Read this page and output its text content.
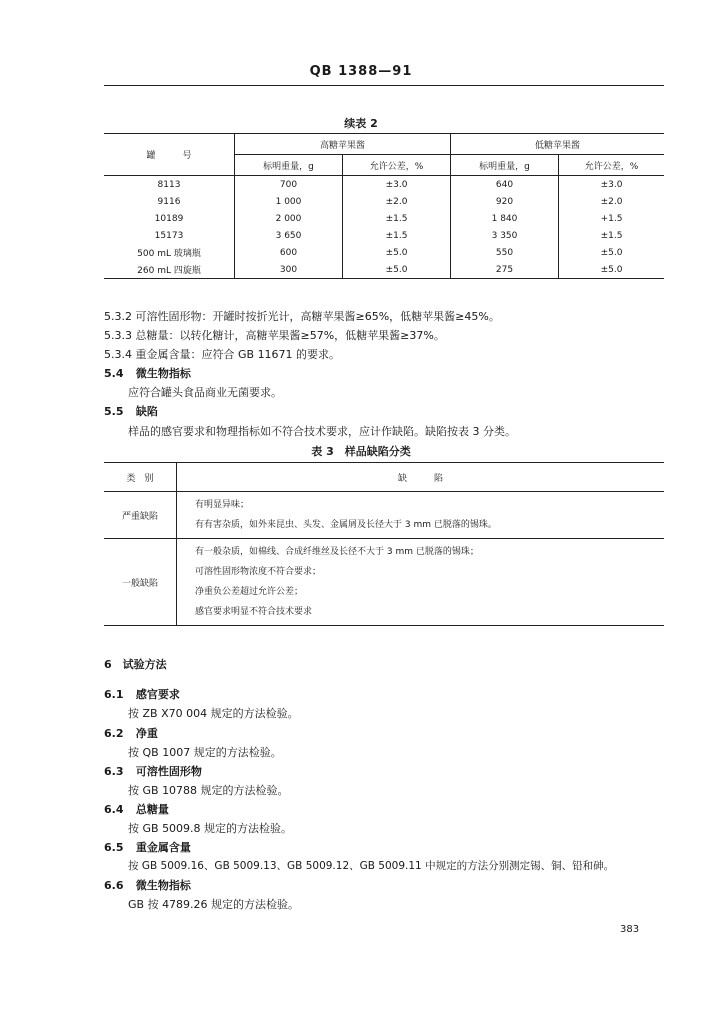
QB 1388—91
续表 2
罐　　　号	高糖苹果酱		低糖苹果酱	
	标明重量，g	允许公差，%	标明重量，g	允许公差，%
8113	700	±3.0	640	±3.0
9116	1 000	±2.0	920	±2.0
10189	2 000	±1.5	1 840	+1.5
15173	3 650	±1.5	3 350	±1.5
500 mL 玻璃瓶	600	±5.0	550	±5.0
260 mL 四旋瓶	300	±5.0	275	±5.0
5.3.2 可溶性固形物：开罐时按折光计，高糖苹果酱≥65%，低糖苹果酱≥45%。
5.3.3 总糖量：以转化糖计，高糖苹果酱≥57%，低糖苹果酱≥37%。
5.3.4 重金属含量：应符合 GB 11671 的要求。
5.4 微生物指标
应符合罐头食品商业无菌要求。
5.5 缺陷
样品的感官要求和物理指标如不符合技术要求，应计作缺陷。缺陷按表 3 分类。
表 3　样品缺陷分类
类　别	缺　　　陷
严重缺陷	有明显异味；
有有害杂质，如外来昆虫、头发、金属屑及长径大于 3 mm 已脱落的锡珠。

一般缺陷	有一般杂质，如棉线、合成纤维丝及长径不大于 3 mm 已脱落的锡珠；
可溶性固形物浓度不符合要求；
净重负公差超过允许公差；
感官要求明显不符合技术要求
6　试验方法
6.1 感官要求
按 ZB X70 004 规定的方法检验。
6.2 净重
按 QB 1007 规定的方法检验。
6.3 可溶性固形物
按 GB 10788 规定的方法检验。
6.4 总糖量
按 GB 5009.8 规定的方法检验。
6.5 重金属含量
按 GB 5009.16、GB 5009.13、GB 5009.12、GB 5009.11 中规定的方法分别测定锡、铜、铅和砷。
6.6 微生物指标
GB 按 4789.26 规定的方法检验。
383
